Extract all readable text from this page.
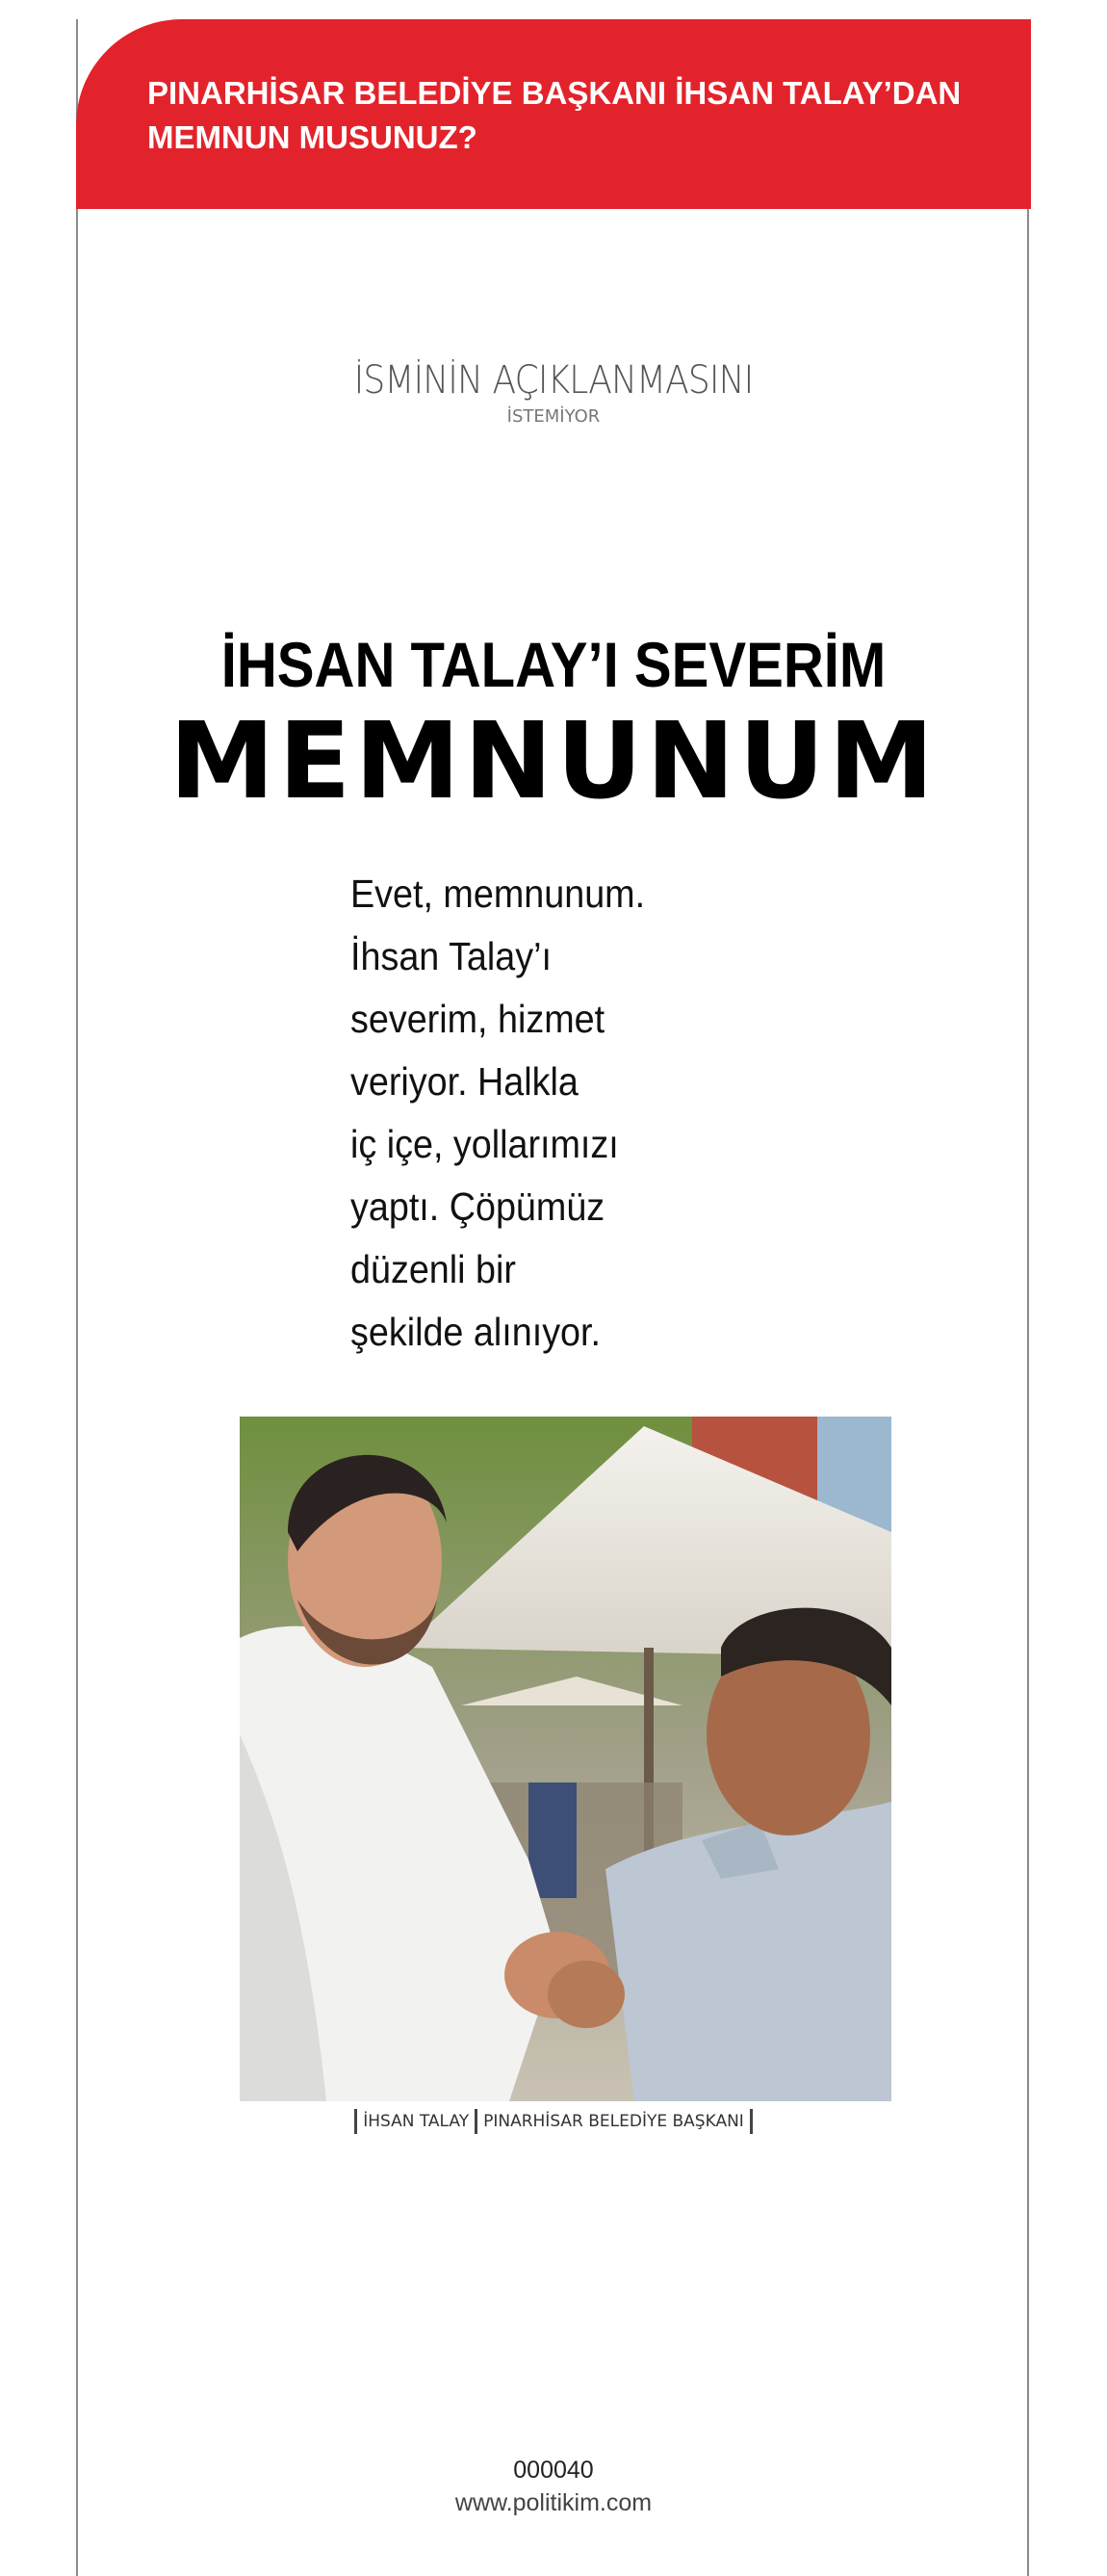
PINARHİSAR BELEDİYE BAŞKANI İHSAN TALAY’DAN
MEMNUN MUSUNUZ?
İSMİNİN AÇIKLANMASINI
İSTEMİYOR
İHSAN TALAY’I SEVERİM
MEMNUNUM

Evet, memnunum.
İhsan Talay’ı
severim, hizmet
veriyor. Halkla
iç içe, yollarımızı
yaptı. Çöpümüz
düzenli bir
şekilde alınıyor.

İHSAN TALAY PINARHİSAR BELEDİYE BAŞKANI
000040
www.politikim.com
